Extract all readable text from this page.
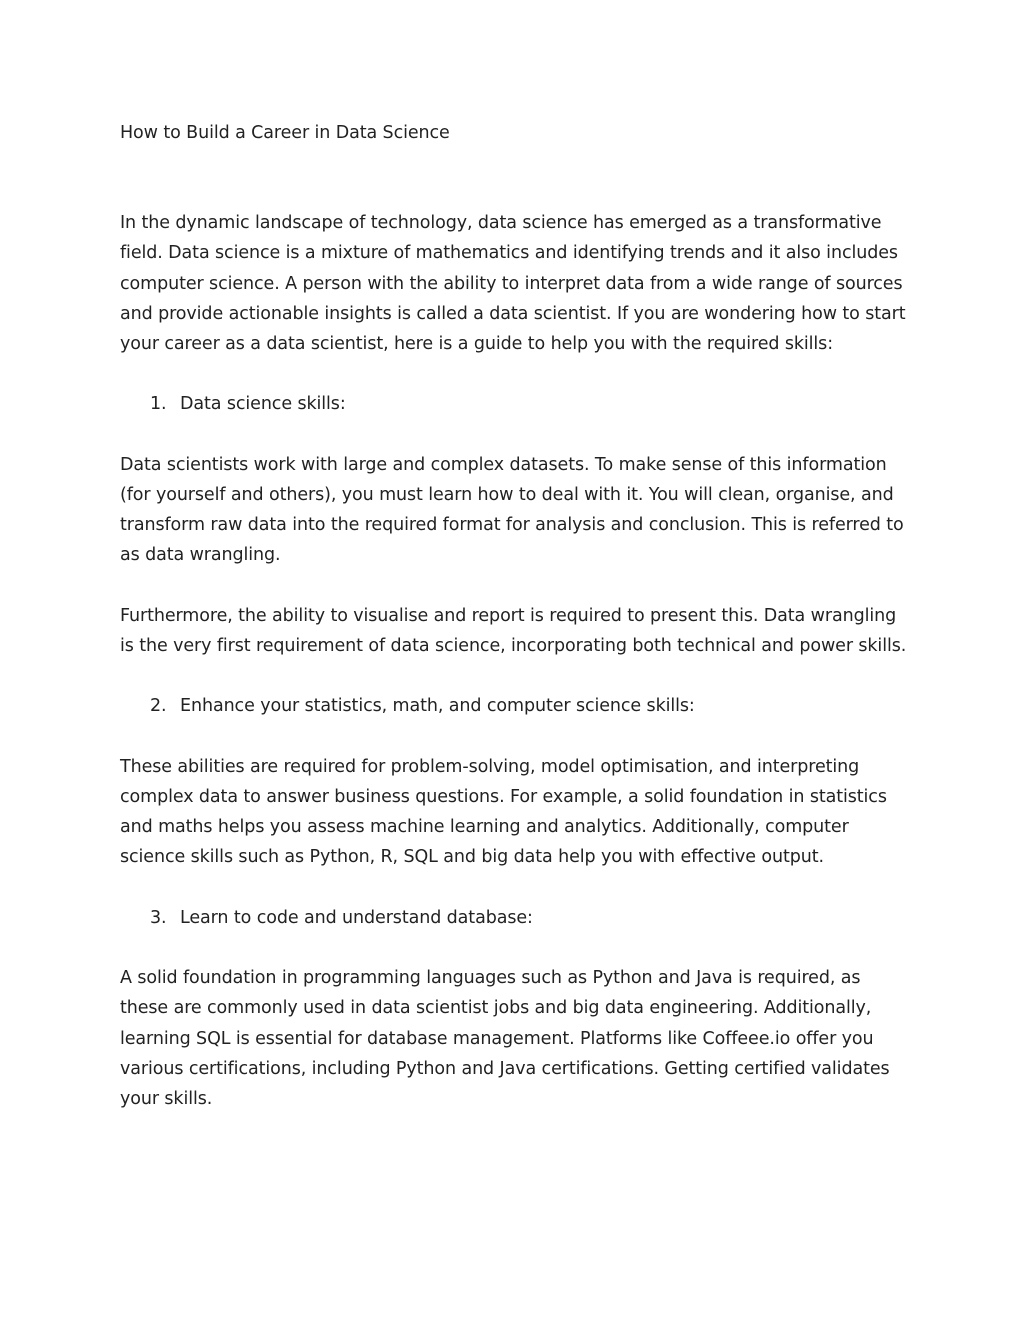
How to Build a Career in Data Science

In the dynamic landscape of technology, data science has emerged as a transformative field. Data science is a mixture of mathematics and identifying trends and it also includes computer science. A person with the ability to interpret data from a wide range of sources and provide actionable insights is called a data scientist. If you are wondering how to start your career as a data scientist, here is a guide to help you with the required skills:

1. Data science skills:

Data scientists work with large and complex datasets. To make sense of this information (for yourself and others), you must learn how to deal with it. You will clean, organise, and transform raw data into the required format for analysis and conclusion. This is referred to as data wrangling.

Furthermore, the ability to visualise and report is required to present this. Data wrangling is the very first requirement of data science, incorporating both technical and power skills.

2. Enhance your statistics, math, and computer science skills:

These abilities are required for problem-solving, model optimisation, and interpreting complex data to answer business questions. For example, a solid foundation in statistics and maths helps you assess machine learning and analytics. Additionally, computer science skills such as Python, R, SQL and big data help you with effective output.

3. Learn to code and understand database:

A solid foundation in programming languages such as Python and Java is required, as these are commonly used in data scientist jobs and big data engineering. Additionally, learning SQL is essential for database management. Platforms like Coffeee.io offer you various certifications, including Python and Java certifications. Getting certified validates your skills.
